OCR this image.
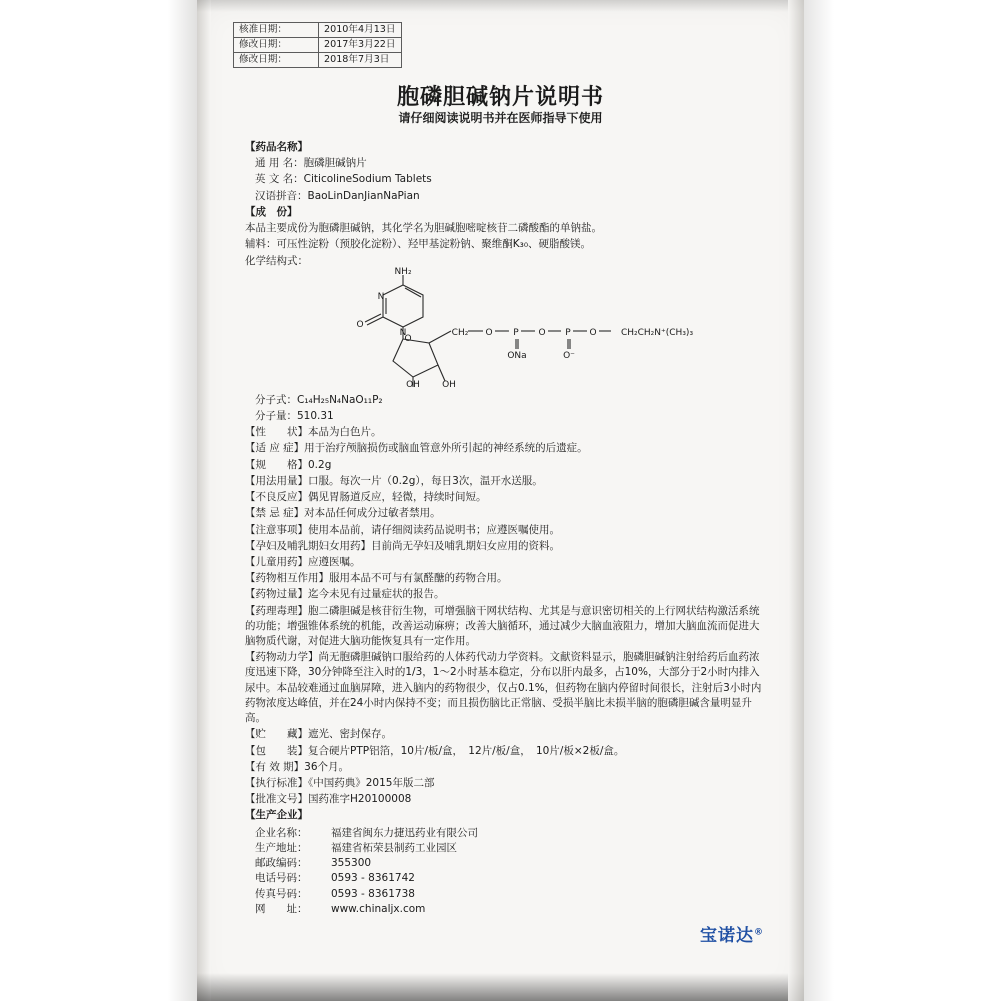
核准日期：	2010年4月13日
修改日期：	2017年3月22日
修改日期：	2018年7月3日
胞磷胆碱钠片说明书
请仔细阅读说明书并在医师指导下使用
【药品名称】
通 用 名：胞磷胆碱钠片
英 文 名：CiticolineSodium Tablets
汉语拼音：BaoLinDanJianNaPian
【成　份】
本品主要成份为胞磷胆碱钠，其化学名为胆碱胞嘧啶核苷二磷酸酯的单钠盐。
辅料：可压性淀粉（预胶化淀粉）、羟甲基淀粉钠、聚维酮K₃₀、硬脂酸镁。
化学结构式：
NH₂
N
N
O
O
OH OH
CH₂ O P O P O
ONa	O⁻
CH₂CH₂N⁺(CH₃)₃
分子式：C₁₄H₂₅N₄NaO₁₁P₂
分子量：510.31
【性　　状】本品为白色片。
【适 应 症】用于治疗颅脑损伤或脑血管意外所引起的神经系统的后遗症。
【规　　格】0.2g
【用法用量】口服。每次一片（0.2g），每日3次，温开水送服。
【不良反应】偶见胃肠道反应，轻微，持续时间短。
【禁 忌 症】对本品任何成分过敏者禁用。
【注意事项】使用本品前，请仔细阅读药品说明书；应遵医嘱使用。
【孕妇及哺乳期妇女用药】目前尚无孕妇及哺乳期妇女应用的资料。
【儿童用药】应遵医嘱。
【药物相互作用】服用本品不可与有氯醛醣的药物合用。
【药物过量】迄今未见有过量症状的报告。
【药理毒理】胞二磷胆碱是核苷衍生物，可增强脑干网状结构、尤其是与意识密切相关的上行网状结构激活系统的功能；增强锥体系统的机能，改善运动麻痹；改善大脑循环，通过减少大脑血液阻力，增加大脑血流而促进大脑物质代谢，对促进大脑功能恢复具有一定作用。
【药物动力学】尚无胞磷胆碱钠口服给药的人体药代动力学资料。文献资料显示，胞磷胆碱钠注射给药后血药浓度迅速下降，30分钟降至注入时的1/3，1～2小时基本稳定，分布以肝内最多，占10%，大部分于2小时内排入尿中。本品较难通过血脑屏障，进入脑内的药物很少，仅占0.1%，但药物在脑内停留时间很长，注射后3小时内药物浓度达峰值，并在24小时内保持不变；而且损伤脑比正常脑、受损半脑比未损半脑的胞磷胆碱含量明显升高。
【贮　　藏】遮光、密封保存。
【包　　装】复合硬片PTP铝箔，10片/板/盒，　12片/板/盒，　10片/板×2板/盒。
【有 效 期】36个月。
【执行标准】《中国药典》2015年版二部
【批准文号】国药准字H20100008
【生产企业】
企业名称：	福建省闽东力捷迅药业有限公司
生产地址：	福建省柘荣县制药工业园区
邮政编码：	355300
电话号码：	0593 - 8361742
传真号码：	0593 - 8361738
网　　址：	www.chinaljx.com
宝诺达®
